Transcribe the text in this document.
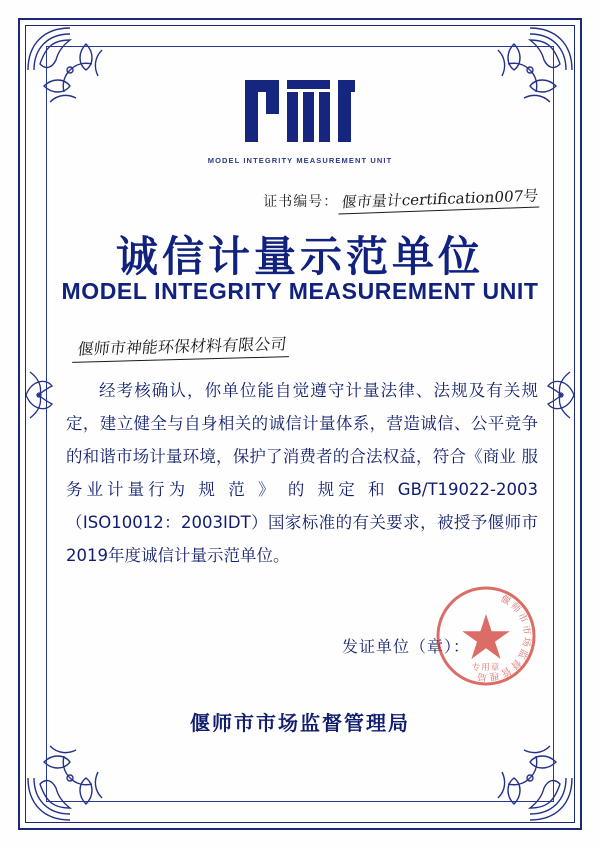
MODEL INTEGRITY MEASUREMENT UNIT
证书编号： 偃市量计certification007号
诚信计量示范单位
MODEL INTEGRITY MEASUREMENT UNIT
偃师市神能环保材料有限公司

经考核确认，你单位能自觉遵守计量法律、法规及有关规定，建立健全与自身相关的诚信计量体系，营造诚信、公平竞争的和谐市场计量环境，保护了消费者的合法权益，符合《商业 服务业计量行为 规 范 》 的 规定 和 GB/T19022-2003（ISO10012：2003IDT）国家标准的有关要求，被授予偃师市2019年度诚信计量示范单位。

发证单位（章）：
偃师市市场监督管理局
专用章
偃师市市场监督管理局
